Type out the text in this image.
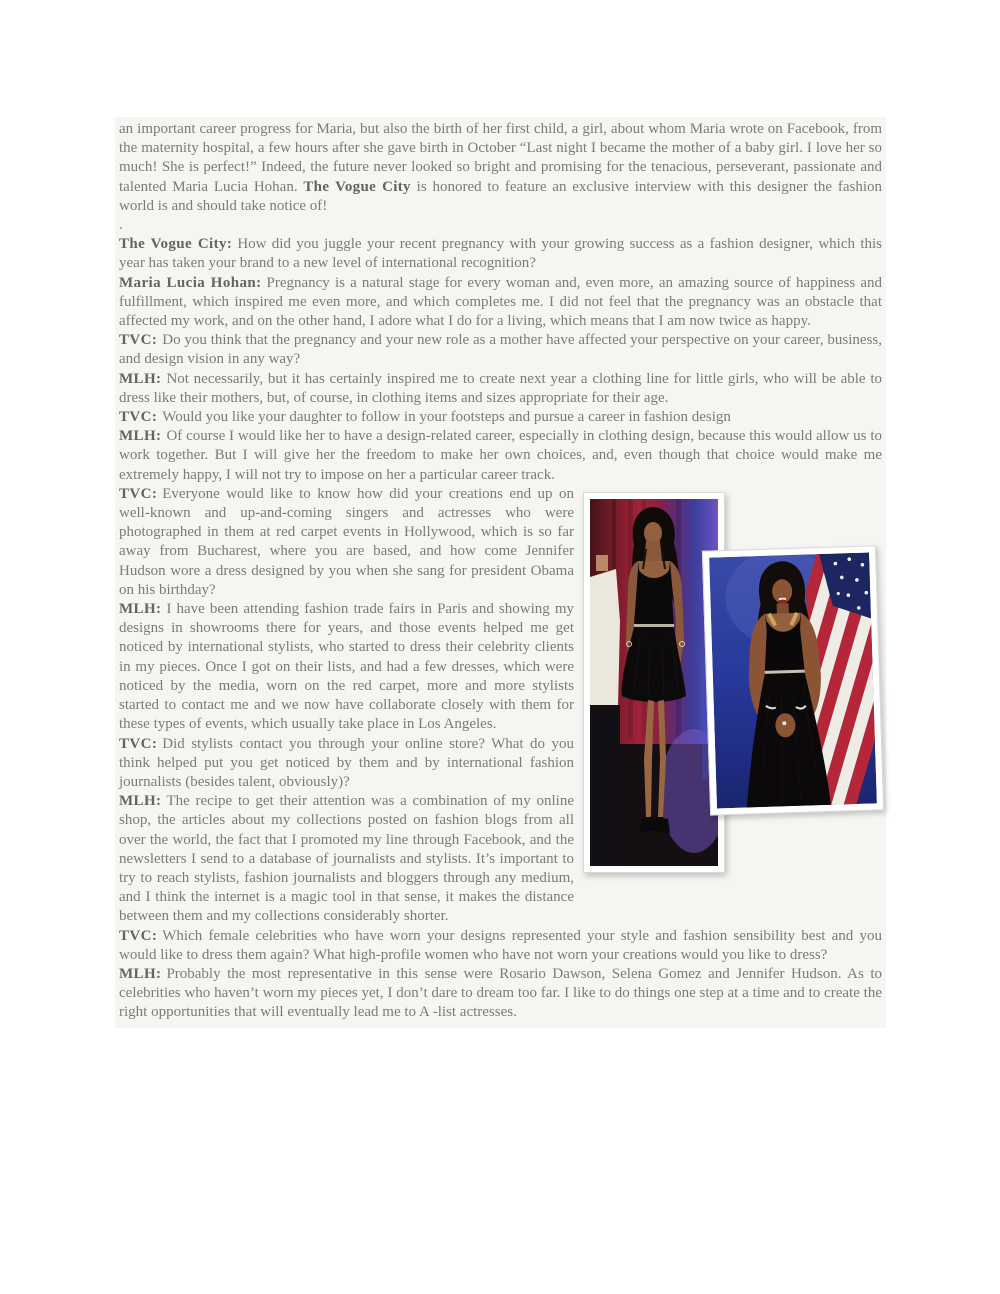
an important career progress for Maria, but also the birth of her first child, a girl, about whom Maria wrote on Facebook, from the maternity hospital, a few hours after she gave birth in October “Last night I became the mother of a baby girl. I love her so much! She is perfect!” Indeed, the future never looked so bright and promising for the tenacious, perseverant, passionate and talented Maria Lucia Hohan. The Vogue City is honored to feature an exclusive interview with this designer the fashion world is and should take notice of!

.

The Vogue City: How did you juggle your recent pregnancy with your growing success as a fashion designer, which this year has taken your brand to a new level of international recognition?

Maria Lucia Hohan: Pregnancy is a natural stage for every woman and, even more, an amazing source of happiness and fulfillment, which inspired me even more, and which completes me. I did not feel that the pregnancy was an obstacle that affected my work, and on the other hand, I adore what I do for a living, which means that I am now twice as happy.

TVC: Do you think that the pregnancy and your new role as a mother have affected your perspective on your career, business, and design vision in any way?

MLH: Not necessarily, but it has certainly inspired me to create next year a clothing line for little girls, who will be able to dress like their mothers, but, of course, in clothing items and sizes appropriate for their age.

TVC: Would you like your daughter to follow in your footsteps and pursue a career in fashion design

MLH: Of course I would like her to have a design-related career, especially in clothing design, because this would allow us to work together. But I will give her the freedom to make her own choices, and, even though that choice would make me extremely happy, I will not try to impose on her a particular career track.

TVC: Everyone would like to know how did your creations end up on well-known and up-and-coming singers and actresses who were photographed in them at red carpet events in Hollywood, which is so far away from Bucharest, where you are based, and how come Jennifer Hudson wore a dress designed by you when she sang for president Obama on his birthday?

MLH: I have been attending fashion trade fairs in Paris and showing my designs in showrooms there for years, and those events helped me get noticed by international stylists, who started to dress their celebrity clients in my pieces. Once I got on their lists, and had a few dresses, which were noticed by the media, worn on the red carpet, more and more stylists started to contact me and we now have collaborate closely with them for these types of events, which usually take place in Los Angeles.

TVC: Did stylists contact you through your online store? What do you think helped put you get noticed by them and by international fashion journalists (besides talent, obviously)?

MLH: The recipe to get their attention was a combination of my online shop, the articles about my collections posted on fashion blogs from all over the world, the fact that I promoted my line through Facebook, and the newsletters I send to a database of journalists and stylists. It’s important to try to reach stylists, fashion journalists and bloggers through any medium, and I think the internet is a magic tool in that sense, it makes the distance between them and my collections considerably shorter.

TVC: Which female celebrities who have worn your designs represented your style and fashion sensibility best and you would like to dress them again? What high-profile women who have not worn your creations would you like to dress?

MLH: Probably the most representative in this sense were Rosario Dawson, Selena Gomez and Jennifer Hudson. As to celebrities who haven’t worn my pieces yet, I don’t dare to dream too far. I like to do things one step at a time and to create the right opportunities that will eventually lead me to A -list actresses.
